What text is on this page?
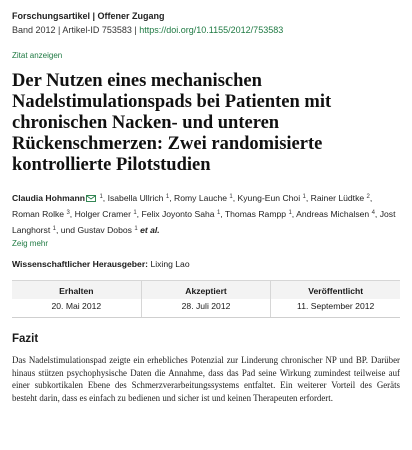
Forschungsartikel | Offener Zugang
Band 2012 | Artikel-ID 753583 | https://doi.org/10.1155/2012/753583
Zitat anzeigen
Der Nutzen eines mechanischen Nadelstimulationspads bei Patienten mit chronischen Nacken- und unteren Rückenschmerzen: Zwei randomisierte kontrollierte Pilotstudien
Claudia Hohmann $^1$, Isabella Ullrich $^1$, Romy Lauche $^1$, Kyung-Eun Choi $^1$, Rainer Lüdtke $^2$, Roman Rolke $^3$, Holger Cramer $^1$, Felix Joyonto Saha $^1$, Thomas Rampp $^1$, Andreas Michalsen $^4$, Jost Langhorst $^1$, und Gustav Dobos $^1$ et al.
Zeig mehr
Wissenschaftlicher Herausgeber: Lixing Lao
Erhalten
20. Mai 2012
Akzeptiert
28. Juli 2012
Veröffentlicht
11. September 2012
Fazit
Das Nadelstimulationspad zeigte ein erhebliches Potenzial zur Linderung chronischer NP und BP. Darüber hinaus stützen psychophysische Daten die Annahme, dass das Pad seine Wirkung zumindest teilweise auf einer subkortikalen Ebene des Schmerzverarbeitungssystems entfaltet. Ein weiterer Vorteil des Geräts besteht darin, dass es einfach zu bedienen und sicher ist und keinen Therapeuten erfordert.
